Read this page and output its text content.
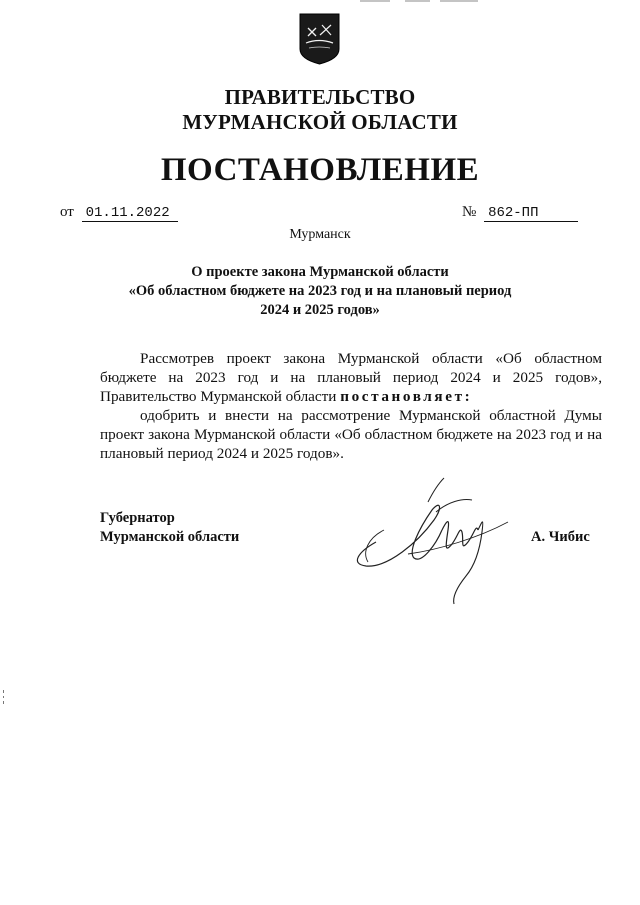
ПРАВИТЕЛЬСТВО
МУРМАНСКОЙ ОБЛАСТИ
ПОСТАНОВЛЕНИЕ
от 01.11.2022	№ 862-ПП
Мурманск
О проекте закона Мурманской области
«Об областном бюджете на 2023 год и на плановый период
2024 и 2025 годов»

Рассмотрев проект закона Мурманской области «Об областном бюджете на 2023 год и на плановый период 2024 и 2025 годов», Правительство Мурманской области постановляет:

одобрить и внести на рассмотрение Мурманской областной Думы проект закона Мурманской области «Об областном бюджете на 2023 год и на плановый период 2024 и 2025 годов».

Губернатор
Мурманской области	А. Чибис
